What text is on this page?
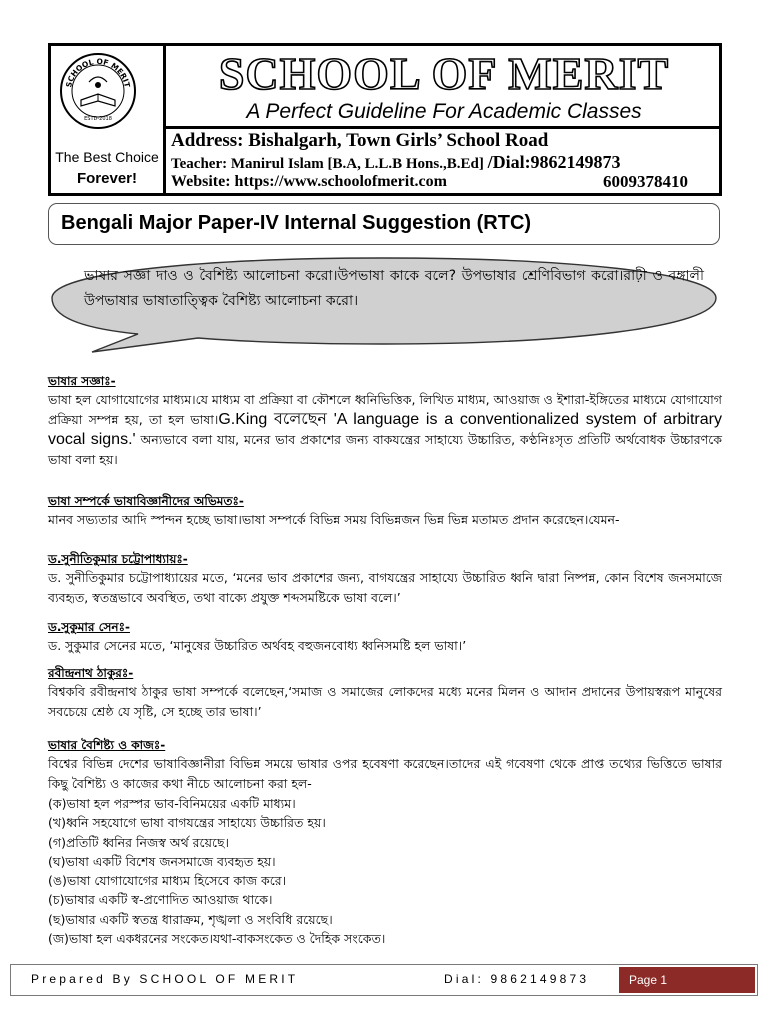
SCHOOL OF MERIT
ESTD-2018
The Best Choice
Forever!
SCHOOL OF MERIT
A Perfect Guideline For Academic Classes
Address: Bishalgarh, Town Girls’ School Road
Teacher: Manirul Islam [B.A, L.L.B Hons.,B.Ed] /Dial:9862149873
Website: https://www.schoolofmerit.com	6009378410
Bengali Major Paper-IV Internal Suggestion (RTC)
ভাষার সজ্ঞা দাও ও বৈশিষ্ট্য আলোচনা করো।উপভাষা কাকে বলে? উপভাষার শ্রেণিবিভাগ করো।রাঢ়ী ও বঙ্গালী উপভাষার ভাষাতাত্ত্বিক বৈশিষ্ট্য আলোচনা করো।
ভাষার সজ্ঞাঃ-
ভাষা হল যোগাযোগের মাধ্যম।যে মাধ্যম বা প্রক্রিয়া বা কৌশলে ধ্বনিভিত্তিক, লিখিত মাধ্যম, আওয়াজ ও ইশারা-ইঙ্গিতের মাধ্যমে যোগাযোগ প্রক্রিয়া সম্পন্ন হয়, তা হল ভাষা।G.King বলেছেন 'A language is a conventionalized system of arbitrary vocal signs.' অন্যভাবে বলা যায়, মনের ভাব প্রকাশের জন্য বাকযন্ত্রের সাহায্যে উচ্চারিত, কণ্ঠনিঃসৃত প্রতিটি অর্থবোধক উচ্চারণকে ভাষা বলা হয়।
ভাষা সম্পর্কে ভাষাবিজ্ঞানীদের অভিমতঃ-
মানব সভ্যতার আদি স্পন্দন হচ্ছে ভাষা।ভাষা সম্পর্কে বিভিন্ন সময় বিভিন্নজন ভিন্ন ভিন্ন মতামত প্রদান করেছেন।যেমন-
ড.সুনীতিকুমার চট্টোপাধ্যায়ঃ-
ড. সুনীতিকুমার চট্টোপাধ্যায়ের মতে, ‘মনের ভাব প্রকাশের জন্য, বাগযন্ত্রের সাহায্যে উচ্চারিত ধ্বনি দ্বারা নিষ্পন্ন, কোন বিশেষ জনসমাজে ব্যবহৃত, স্বতন্ত্রভাবে অবস্থিত, তথা বাক্যে প্রযুক্ত শব্দসমষ্টিকে ভাষা বলে।’
ড.সুকুমার সেনঃ-
ড. সুকুমার সেনের মতে, ‘মানুষের উচ্চারিত অর্থবহ বহুজনবোধ্য ধ্বনিসমষ্টি হল ভাষা।’
রবীন্দ্রনাথ ঠাকুরঃ-
বিশ্বকবি রবীন্দ্রনাথ ঠাকুর ভাষা সম্পর্কে বলেছেন,‘সমাজ ও সমাজের লোকদের মধ্যে মনের মিলন ও আদান প্রদানের উপায়স্বরূপ মানুষের সবচেয়ে শ্রেষ্ঠ যে সৃষ্টি, সে হচ্ছে তার ভাষা।’
ভাষার বৈশিষ্ট্য ও কাজঃ-
বিশ্বের বিভিন্ন দেশের ভাষাবিজ্ঞানীরা বিভিন্ন সময়ে ভাষার ওপর হবেষণা করেছেন।তাদের এই গবেষণা থেকে প্রাপ্ত তথ্যের ভিত্তিতে ভাষার কিছু বৈশিষ্ট্য ও কাজের কথা নীচে আলোচনা করা হল-
(ক)ভাষা হল পরস্পর ভাব-বিনিময়ের একটি মাধ্যম।
(খ)ধ্বনি সহযোগে ভাষা বাগযন্ত্রের সাহায্যে উচ্চারিত হয়।
(গ)প্রতিটি ধ্বনির নিজস্ব অর্থ রয়েছে।
(ঘ)ভাষা একটি বিশেষ জনসমাজে ব্যবহৃত হয়।
(ঙ)ভাষা যোগাযোগের মাধ্যম হিসেবে কাজ করে।
(চ)ভাষার একটি স্ব-প্রণোদিত আওয়াজ থাকে।
(ছ)ভাষার একটি স্বতন্ত্র ধারাক্রম, শৃঙ্খলা ও সংবিধি রয়েছে।
(জ)ভাষা হল একধরনের সংকেত।যথা-বাকসংকেত ও দৈহিক সংকেত।
Prepared By SCHOOL OF MERIT	Dial: 9862149873	Page 1
